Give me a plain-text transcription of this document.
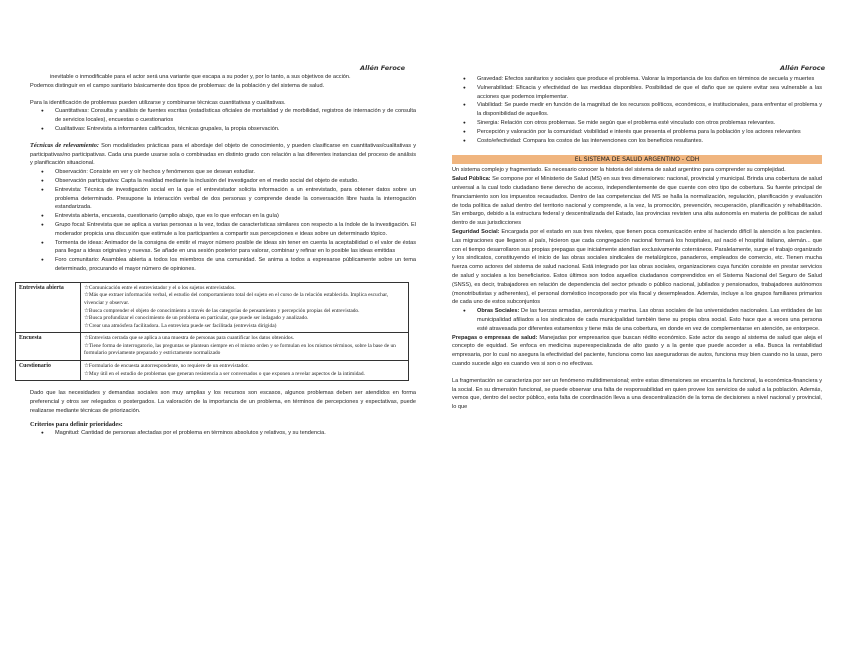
Allén Feroce

inevitable o inmodificable para el actor será una variante que escapa a su poder y, por lo tanto, a sus objetivos de acción.

Podemos distinguir en el campo sanitario básicamente dos tipos de problemas: de la población y del sistema de salud.

Para la identificación de problemas pueden utilizarse y combinarse técnicas cuantitativas y cualitativas.

● Cuantitativas: Consulta y análisis de fuentes escritas (estadísticas oficiales de mortalidad y de morbilidad, registros de internación y de consulta de servicios locales), encuestas o cuestionarios
● Cualitativas: Entrevista a informantes calificados, técnicas grupales, la propia observación.

Técnicas de relevamiento: Son modalidades prácticas para el abordaje del objeto de conocimiento, y pueden clasificarse en cuantitativas/cualitativas y participativas/no participativas. Cada una puede usarse sola o combinadas en distinto grado con relación a las diferentes instancias del proceso de análisis y planificación situacional.

● Observación: Consiste en ver y oír hechos y fenómenos que se desean estudiar.
● Observación participativa: Capta la realidad mediante la inclusión del investigador en el medio social del objeto de estudio.
● Entrevista: Técnica de investigación social en la que el entrevistador solicita información a un entrevistado, para obtener datos sobre un problema determinado. Presupone la interacción verbal de dos personas y comprende desde la conversación libre hasta la interrogación estandarizada.
● Entrevista abierta, encuesta, cuestionario (amplio abajo, que es lo que enfocan en la guía)
● Grupo focal: Entrevista que se aplica a varias personas a la vez, todas de características similares con respecto a la índole de la investigación. El moderador propicia una discusión que estimule a los participantes a compartir sus percepciones e ideas sobre un determinado tópico.
● Tormenta de ideas: Animador de la consigna de emitir el mayor número posible de ideas sin tener en cuenta la aceptabilidad o el valor de éstas para llegar a ideas originales y nuevas. Se añade en una sesión posterior para valorar, combinar y refinar en lo posible las ideas emitidas
● Foro comunitario: Asamblea abierta a todos los miembros de una comunidad. Se anima a todos a expresarse públicamente sobre un tema determinado, procurando el mayor número de opiniones.
Entrevista abierta	☆ Comunicación entre el entrevistador y el o los sujetos entrevistados.
☆ Más que extraer información verbal, el estudio del comportamiento total del sujeto en el curso de la relación establecida. Implica escuchar, vivenciar y observar.
☆ Busca comprender el objeto de conocimiento a través de las categorías de pensamiento y percepción propias del entrevistado.
☆ Busca profundizar el conocimiento de un problema en particular, que puede ser indagado y analizado.
☆ Crear una atmósfera facilitadora. La entrevista puede ser facilitada (entrevista dirigida)

Encuesta	☆ Entrevista cerrada que se aplica a una muestra de personas para cuantificar los datos obtenidos.
☆ Tiene forma de interrogatorio, las preguntas se plantean siempre en el mismo orden y se formulan en los mismos términos, sobre la base de un formulario previamente preparado y estrictamente normalizado

Cuestionario	☆ Formulario de encuesta autorrespondente, no requiere de un entrevistador.
☆ Muy útil en el estudio de problemas que generan resistencia a ser conversados o que exponen a revelar aspectos de la intimidad.

Dado que las necesidades y demandas sociales son muy amplias y los recursos son escasos, algunos problemas deben ser atendidos en forma preferencial y otros ser relegados o postergados. La valoración de la importancia de un problema, en términos de percepciones y expectativas, puede realizarse mediante técnicas de priorización.

Criterios para definir prioridades:

● Magnitud: Cantidad de personas afectadas por el problema en términos absolutos y relativos, y su tendencia.
Allén Feroce
● Gravedad: Efectos sanitarios y sociales que produce el problema. Valorar la importancia de los daños en términos de secuela y muertes
● Vulnerabilidad: Eficacia y efectividad de las medidas disponibles. Posibilidad de que el daño que se quiere evitar sea vulnerable a las acciones que podemos implementar.
● Viabilidad: Se puede medir en función de la magnitud de los recursos políticos, económicos, e institucionales, para enfrentar el problema y la disponibilidad de aquellos.
● Sinergia: Relación con otros problemas. Se mide según que el problema esté vinculado con otros problemas relevantes.
● Percepción y valoración por la comunidad: visibilidad e interés que presenta el problema para la población y los actores relevantes
● Costo/efectividad: Compara los costos de las intervenciones con los beneficios resultantes.
EL SISTEMA DE SALUD ARGENTINO - CDH

Un sistema complejo y fragmentado. Es necesario conocer la historia del sistema de salud argentino para comprender su complejidad.

Salud Pública: Se compone por el Ministerio de Salud (MS) en sus tres dimensiones: nacional, provincial y municipal. Brinda una cobertura de salud universal a la cual todo ciudadano tiene derecho de acceso, independientemente de que cuente con otro tipo de cobertura. Su fuente principal de financiamiento son los impuestos recaudados. Dentro de las competencias del MS se halla la normalización, regulación, planificación y evaluación de toda política de salud dentro del territorio nacional y comprende, a la vez, la promoción, prevención, recuperación, planificación y rehabilitación. Sin embargo, debido a la estructura federal y descentralizada del Estado, las provincias revisten una alta autonomía en materia de políticas de salud dentro de sus jurisdicciones

Seguridad Social: Encargada por el estado en sus tres niveles, que tienen poca comunicación entre sí haciendo difícil la atención a los pacientes. Las migraciones que llegaron al país, hicieron que cada congregación nacional formará los hospitales, así nació el hospital italiano, alemán... que con el tiempo desarrollaron sus propias prepagas que inicialmente atendían exclusivamente coterráneos. Paralelamente, surge el trabajo organizado y los sindicatos, constituyendo el inicio de las obras sociales sindicales de metalúrgicos, panaderos, empleados de comercio, etc. Tienen mucha fuerza como actores del sistema de salud nacional. Está integrado por las obras sociales, organizaciones cuya función consiste en prestar servicios de salud y sociales a los beneficiarios. Estos últimos son todos aquellos ciudadanos comprendidos en el Sistema Nacional del Seguro de Salud (SNSS), es decir, trabajadores en relación de dependencia del sector privado o público nacional, jubilados y pensionados, trabajadores autónomos (monotributistas y adherentes), el personal doméstico incorporado por vía fiscal y desempleados. Además, incluye a los grupos familiares primarios de cada uno de estos subconjuntos

● Obras Sociales: De las fuerzas armadas, aeronáutica y marina. Las obras sociales de las universidades nacionales. Las entidades de las municipalidad afiliados a los sindicatos de cada municipalidad también tiene su propia obra social. Esto hace que a veces una persona esté atravesada por diferentes estamentos y tiene más de una cobertura, en donde en vez de complementarse en atención, se entorpece.

Prepagas o empresas de salud: Manejadas por empresarios que buscan rédito económico. Este actor da sesgo al sistema de salud que aleja el concepto de equidad. Se enfoca en medicina superespecializada de alto gasto y a la gente que puede acceder a ella. Busca la rentabilidad empresaria, por lo cual no asegura la efectividad del paciente, funciona como las aseguradoras de autos, funciona muy bien cuando no la usas, pero cuando sucede algo es cuando ves si son o no efectivas.

La fragmentación se caracteriza por ser un fenómeno multidimensional; entre estas dimensiones se encuentra la funcional, la económica-financiera y la social. En su dimensión funcional, se puede observar una falta de responsabilidad en quien provee los servicios de salud a la población. Además, vemos que, dentro del sector público, esta falta de coordinación lleva a una descentralización de la toma de decisiones a nivel nacional y provincial, lo que
